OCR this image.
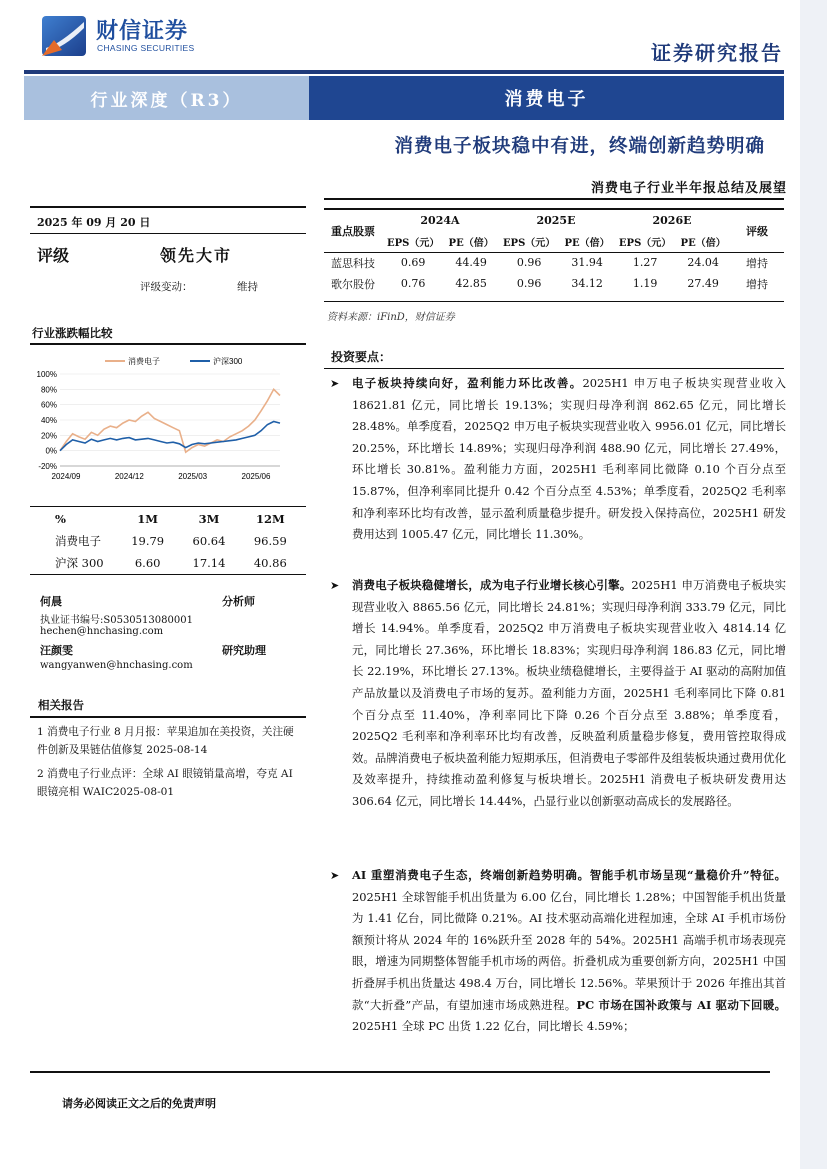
财信证券
CHASING SECURITIES	证券研究报告
行业深度（R3）	消费电子
消费电子板块稳中有进，终端创新趋势明确
消费电子行业半年报总结及展望
2025 年 09 月 20 日
评级	领先大市
评级变动：	维持
行业涨跌幅比较
消费电子	沪深300
100%
80%
60%
40%
20%
0%
-20%
2024/09	2024/12	2025/03	2025/06
%	1M	3M	12M
消费电子	19.79	60.64	96.59
沪深 300	6.60	17.14	40.86
何晨	分析师
执业证书编号:S0530513080001
hechen@hnchasing.com
汪颜雯	研究助理
wangyanwen@hnchasing.com
相关报告
1 消费电子行业 8 月月报：苹果追加在美投资，关注硬件创新及果链估值修复 2025-08-14
2 消费电子行业点评：全球 AI 眼镜销量高增，夸克 AI 眼镜亮相 WAIC2025-08-01
重点股票	2024A		2025E		2026E		评级
	EPS（元）	PE（倍）	EPS（元）	PE（倍）	EPS（元）	PE（倍）	
蓝思科技	0.69	44.49	0.96	31.94	1.27	24.04	增持
歌尔股份	0.76	42.85	0.96	34.12	1.19	27.49	增持
资料来源：iFinD，财信证券
投资要点：
➤ 电子板块持续向好，盈利能力环比改善。2025H1 申万电子板块实现营业收入 18621.81 亿元，同比增长 19.13%；实现归母净利润 862.65 亿元，同比增长 28.48%。单季度看，2025Q2 申万电子板块实现营业收入 9956.01 亿元，同比增长 20.25%，环比增长 14.89%；实现归母净利润 488.90 亿元，同比增长 27.49%，环比增长 30.81%。盈利能力方面，2025H1 毛利率同比微降 0.10 个百分点至 15.87%，但净利率同比提升 0.42 个百分点至 4.53%；单季度看，2025Q2 毛利率和净利率环比均有改善，显示盈利质量稳步提升。研发投入保持高位，2025H1 研发费用达到 1005.47 亿元，同比增长 11.30%。
➤ 消费电子板块稳健增长，成为电子行业增长核心引擎。2025H1 申万消费电子板块实现营业收入 8865.56 亿元，同比增长 24.81%；实现归母净利润 333.79 亿元，同比增长 14.94%。单季度看，2025Q2 申万消费电子板块实现营业收入 4814.14 亿元，同比增长 27.36%，环比增长 18.83%；实现归母净利润 186.83 亿元，同比增长 22.19%，环比增长 27.13%。板块业绩稳健增长，主要得益于 AI 驱动的高附加值产品放量以及消费电子市场的复苏。盈利能力方面，2025H1 毛利率同比下降 0.81 个百分点至 11.40%，净利率同比下降 0.26 个百分点至 3.88%；单季度看，2025Q2 毛利率和净利率环比均有改善，反映盈利质量稳步修复，费用管控取得成效。品牌消费电子板块盈利能力短期承压，但消费电子零部件及组装板块通过费用优化及效率提升，持续推动盈利修复与板块增长。2025H1 消费电子板块研发费用达 306.64 亿元，同比增长 14.44%，凸显行业以创新驱动高成长的发展路径。
➤ AI 重塑消费电子生态，终端创新趋势明确。智能手机市场呈现“量稳价升”特征。2025H1 全球智能手机出货量为 6.00 亿台，同比增长 1.28%；中国智能手机出货量为 1.41 亿台，同比微降 0.21%。AI 技术驱动高端化进程加速，全球 AI 手机市场份额预计将从 2024 年的 16%跃升至 2028 年的 54%。2025H1 高端手机市场表现亮眼，增速为同期整体智能手机市场的两倍。折叠机成为重要创新方向，2025H1 中国折叠屏手机出货量达 498.4 万台，同比增长 12.56%。苹果预计于 2026 年推出其首款“大折叠”产品，有望加速市场成熟进程。PC 市场在国补政策与 AI 驱动下回暖。2025H1 全球 PC 出货 1.22 亿台，同比增长 4.59%；
请务必阅读正文之后的免责声明
